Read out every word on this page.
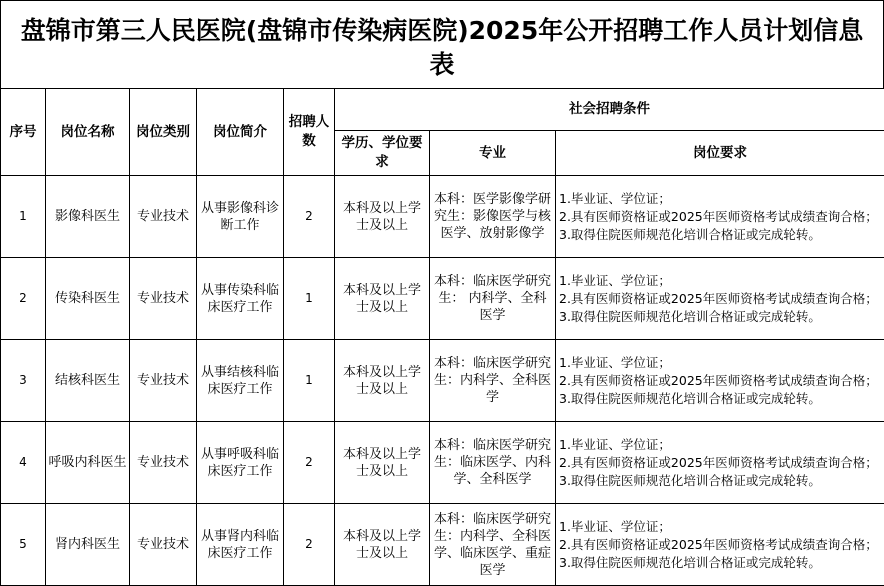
盘锦市第三人民医院(盘锦市传染病医院)2025年公开招聘工作人员计划信息表
序号	岗位名称	岗位类别	岗位简介	招聘人数	社会招聘条件		
					学历、学位要求	专业	岗位要求
1	影像科医生	专业技术	从事影像科诊断工作	2	本科及以上学士及以上	本科：医学影像学研究生：影像医学与核医学、放射影像学	1.毕业证、学位证；
2.具有医师资格证或2025年医师资格考试成绩查询合格；
3.取得住院医师规范化培训合格证或完成轮转。

2	传染科医生	专业技术	从事传染科临床医疗工作	1	本科及以上学士及以上	本科：临床医学研究生： 内科学、全科医学	1.毕业证、学位证；
2.具有医师资格证或2025年医师资格考试成绩查询合格；
3.取得住院医师规范化培训合格证或完成轮转。

3	结核科医生	专业技术	从事结核科临床医疗工作	1	本科及以上学士及以上	本科：临床医学研究生：内科学、全科医学	1.毕业证、学位证；
2.具有医师资格证或2025年医师资格考试成绩查询合格；
3.取得住院医师规范化培训合格证或完成轮转。

4	呼吸内科医生	专业技术	从事呼吸科临床医疗工作	2	本科及以上学士及以上	本科：临床医学研究生：临床医学、内科学、全科医学	1.毕业证、学位证；
2.具有医师资格证或2025年医师资格考试成绩查询合格；
3.取得住院医师规范化培训合格证或完成轮转。

5	肾内科医生	专业技术	从事肾内科临床医疗工作	2	本科及以上学士及以上	本科：临床医学研究生：内科学、全科医学、临床医学、重症医学	1.毕业证、学位证；
2.具有医师资格证或2025年医师资格考试成绩查询合格；
3.取得住院医师规范化培训合格证或完成轮转。
